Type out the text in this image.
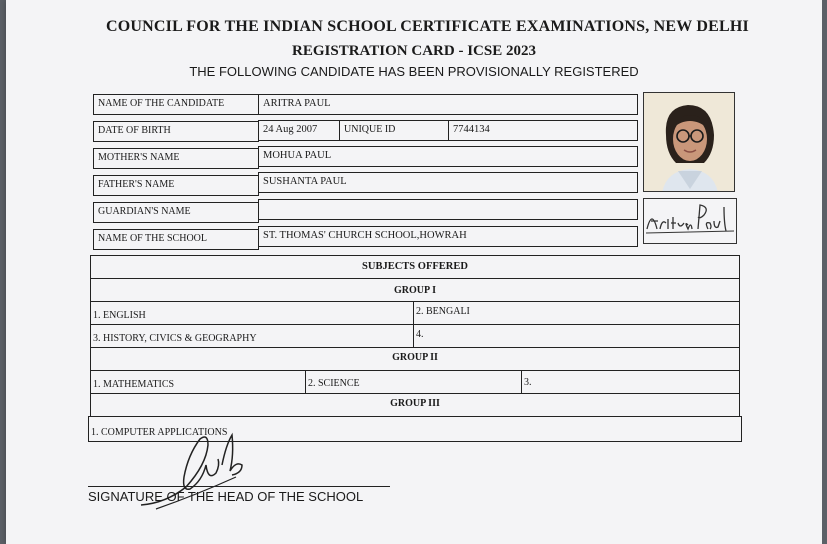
COUNCIL FOR THE INDIAN SCHOOL CERTIFICATE EXAMINATIONS, NEW DELHI
REGISTRATION CARD - ICSE 2023
THE FOLLOWING CANDIDATE HAS BEEN PROVISIONALLY REGISTERED
NAME OF THE CANDIDATE	ARITRA PAUL
DATE OF BIRTH	24 Aug 2007	UNIQUE ID	7744134
MOTHER'S NAME	MOHUA PAUL
FATHER'S NAME	SUSHANTA PAUL
GUARDIAN'S NAME
NAME OF THE SCHOOL	ST. THOMAS' CHURCH SCHOOL,HOWRAH
SUBJECTS OFFERED
GROUP I
1. ENGLISH	2. BENGALI
3. HISTORY, CIVICS & GEOGRAPHY	4.
GROUP II
1. MATHEMATICS	2. SCIENCE	3.
GROUP III
1. COMPUTER APPLICATIONS
SIGNATURE OF THE HEAD OF THE SCHOOL
